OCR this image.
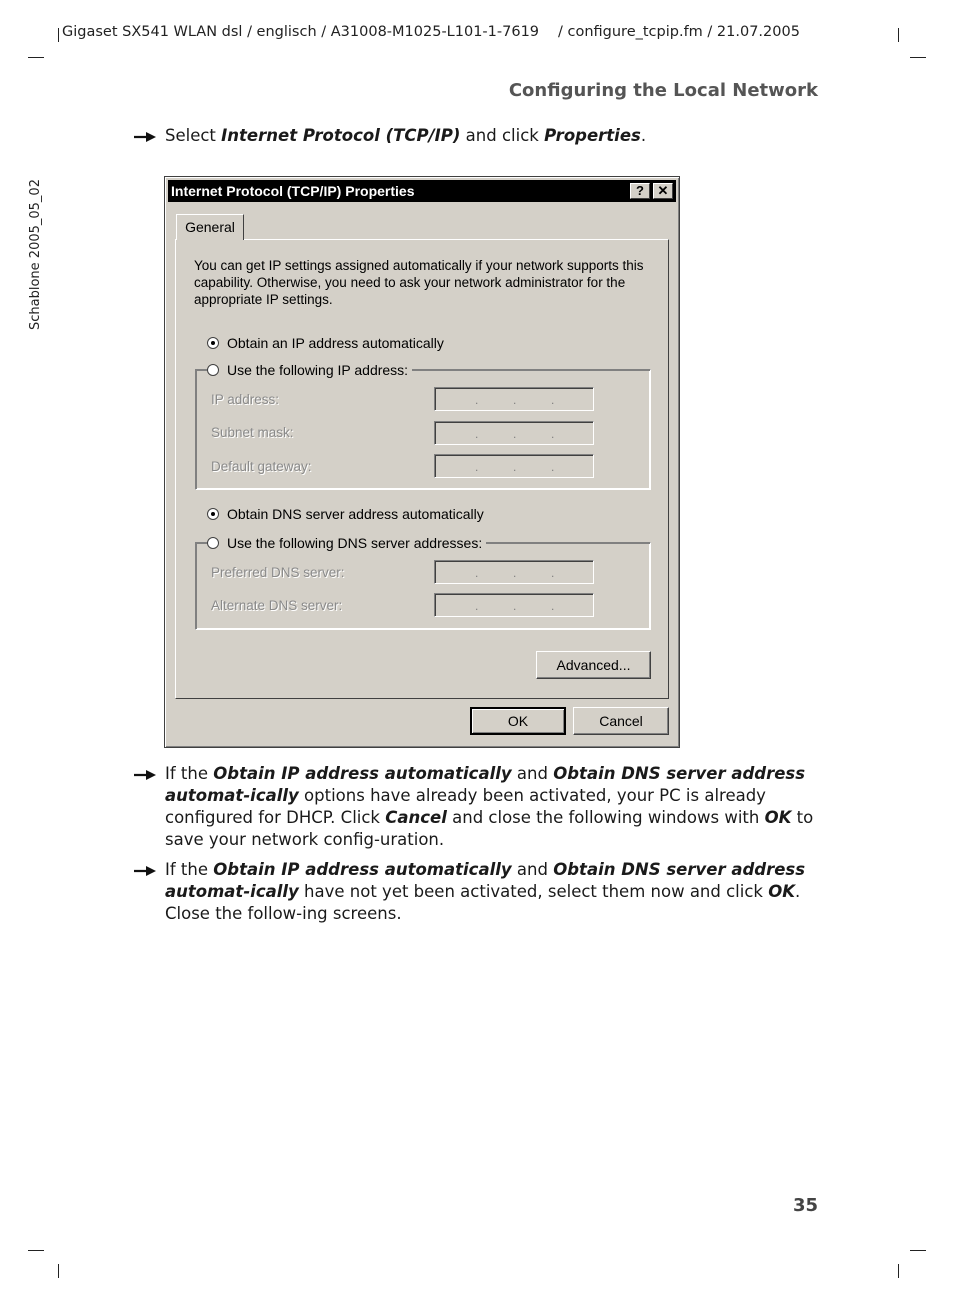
Gigaset SX541 WLAN dsl / englisch / A31008-M1025-L101-1-7619 / configure_tcpip.fm / 21.07.2005
Configuring the Local Network
Schablone 2005_05_02
Select Internet Protocol (TCP/IP) and click Properties.
Internet Protocol (TCP/IP) Properties	?	✕
General
You can get IP settings assigned automatically if your network supports this capability. Otherwise, you need to ask your network administrator for the appropriate IP settings.
Obtain an IP address automatically
Use the following IP address:
IP address:	.	.	.
Subnet mask:	.	.	.
Default gateway:	.	.	.
Obtain DNS server address automatically
Use the following DNS server addresses:
Preferred DNS server:	.	.	.
Alternate DNS server:	.	.	.
Advanced...
OK	Cancel
If the Obtain IP address automatically and Obtain DNS server address automat-ically options have already been activated, your PC is already configured for DHCP. Click Cancel and close the following windows with OK to save your network config-uration.
If the Obtain IP address automatically and Obtain DNS server address automat-ically have not yet been activated, select them now and click OK. Close the follow-ing screens.
35
